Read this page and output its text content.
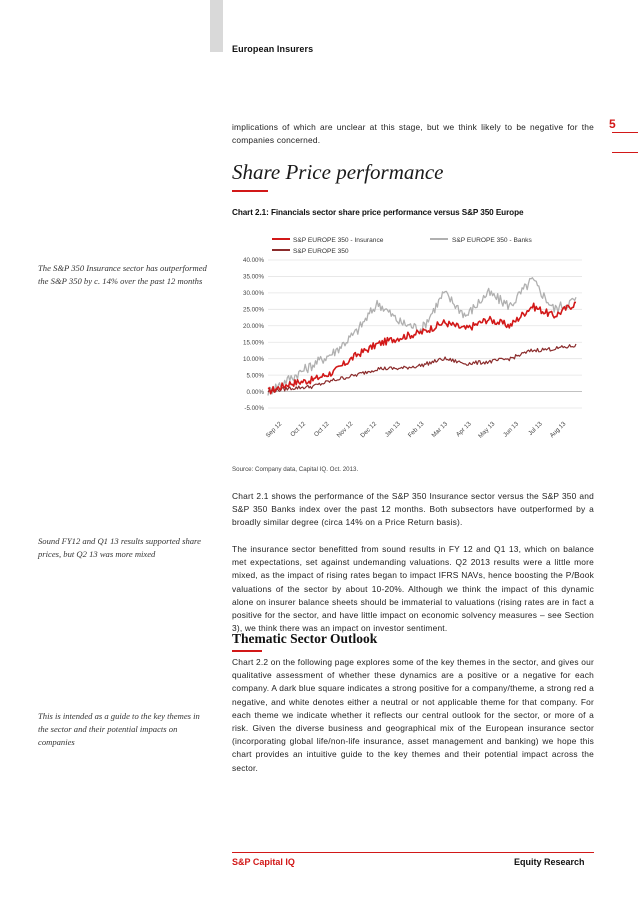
European Insurers
5
implications of which are unclear at this stage, but we think likely to be negative for the companies concerned.
Share Price performance
Chart 2.1: Financials sector share price performance versus S&P 350 Europe
The S&P 350 Insurance sector has outperformed the S&P 350 by c. 14% over the past 12 months
Sound FY12 and Q1 13 results supported share prices, but Q2 13 was more mixed
This is intended as a guide to the key themes in the sector and their potential impacts on companies
S&P EUROPE 350 - Insurance	S&P EUROPE 350 - Banks
S&P EUROPE 350
-5.00%
0.00%
5.00%
10.00%
15.00%
20.00%
25.00%
30.00%
35.00%
40.00%
Sep 12 Oct 12 Oct 12 Nov 12 Dec 12 Jan 13 Feb 13 Mar 13 Apr 13 May 13 Jun 13 Jul 13 Aug 13
Source: Company data, Capital IQ. Oct. 2013.
Chart 2.1 shows the performance of the S&P 350 Insurance sector versus the S&P 350 and S&P 350 Banks index over the past 12 months. Both subsectors have outperformed by a broadly similar degree (circa 14% on a Price Return basis).
The insurance sector benefitted from sound results in FY 12 and Q1 13, which on balance met expectations, set against undemanding valuations. Q2 2013 results were a little more mixed, as the impact of rising rates began to impact IFRS NAVs, hence boosting the P/Book valuations of the sector by about 10-20%. Although we think the impact of this dynamic alone on insurer balance sheets should be immaterial to valuations (rising rates are in fact a positive for the sector, and have little impact on economic solvency measures – see Section 3), we think there was an impact on investor sentiment.
Thematic Sector Outlook
Chart 2.2 on the following page explores some of the key themes in the sector, and gives our qualitative assessment of whether these dynamics are a positive or a negative for each company. A dark blue square indicates a strong positive for a company/theme, a strong red a negative, and white denotes either a neutral or not applicable theme for that company. For each theme we indicate whether it reflects our central outlook for the sector, or more of a risk. Given the diverse business and geographical mix of the European insurance sector (incorporating global life/non-life insurance, asset management and banking) we hope this chart provides an intuitive guide to the key themes and their potential impact across the sector.
S&P Capital IQ	Equity Research
